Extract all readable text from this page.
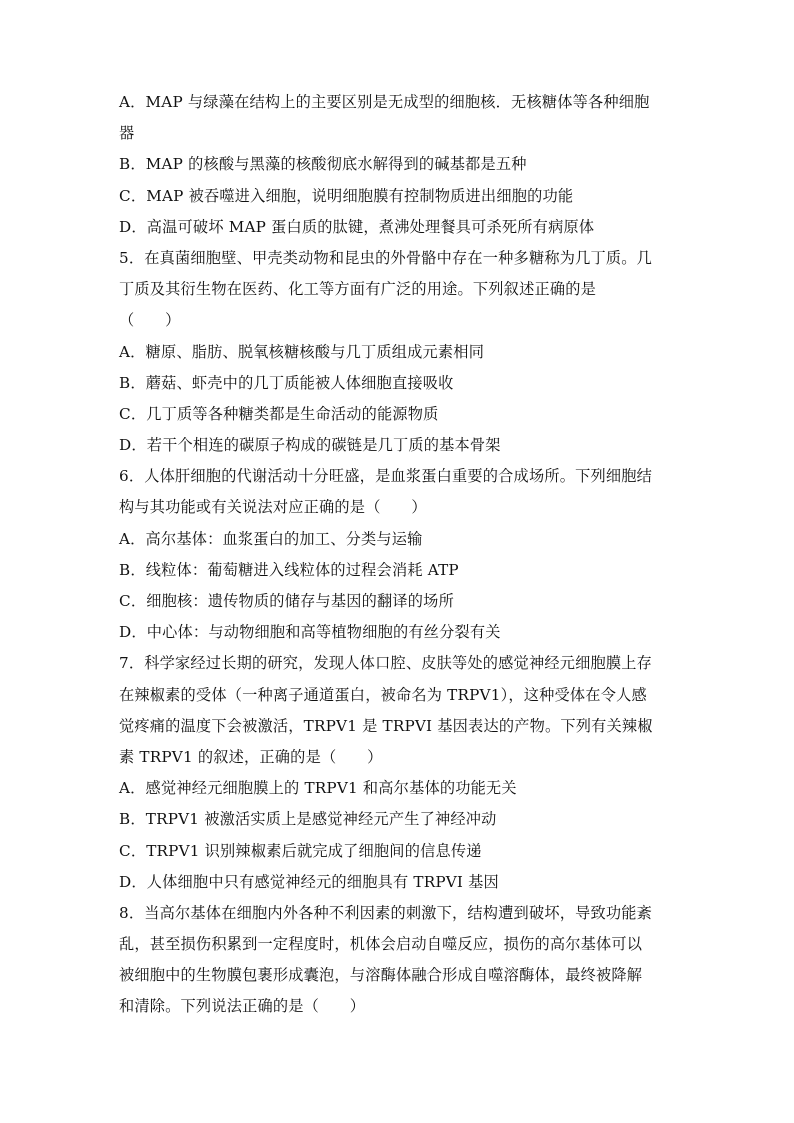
A．MAP 与绿藻在结构上的主要区别是无成型的细胞核．无核糖体等各种细胞
器
B．MAP 的核酸与黑藻的核酸彻底水解得到的碱基都是五种
C．MAP 被吞噬进入细胞，说明细胞膜有控制物质进出细胞的功能
D．高温可破坏 MAP 蛋白质的肽键，煮沸处理餐具可杀死所有病原体
5．在真菌细胞壁、甲壳类动物和昆虫的外骨骼中存在一种多糖称为几丁质。几
丁质及其衍生物在医药、化工等方面有广泛的用途。下列叙述正确的是
（　　）
A．糖原、脂肪、脱氧核糖核酸与几丁质组成元素相同
B．蘑菇、虾壳中的几丁质能被人体细胞直接吸收
C．几丁质等各种糖类都是生命活动的能源物质
D．若干个相连的碳原子构成的碳链是几丁质的基本骨架
6．人体肝细胞的代谢活动十分旺盛，是血浆蛋白重要的合成场所。下列细胞结
构与其功能或有关说法对应正确的是（　　）
A．高尔基体：血浆蛋白的加工、分类与运输
B．线粒体：葡萄糖进入线粒体的过程会消耗 ATP
C．细胞核：遗传物质的储存与基因的翻译的场所
D．中心体：与动物细胞和高等植物细胞的有丝分裂有关
7．科学家经过长期的研究，发现人体口腔、皮肤等处的感觉神经元细胞膜上存
在辣椒素的受体（一种离子通道蛋白，被命名为 TRPV1），这种受体在令人感
觉疼痛的温度下会被激活，TRPV1 是 TRPVI 基因表达的产物。下列有关辣椒
素 TRPV1 的叙述，正确的是（　　）
A．感觉神经元细胞膜上的 TRPV1 和高尔基体的功能无关
B．TRPV1 被激活实质上是感觉神经元产生了神经冲动
C．TRPV1 识别辣椒素后就完成了细胞间的信息传递
D．人体细胞中只有感觉神经元的细胞具有 TRPVI 基因
8．当高尔基体在细胞内外各种不利因素的刺激下，结构遭到破坏，导致功能紊
乱，甚至损伤积累到一定程度时，机体会启动自噬反应，损伤的高尔基体可以
被细胞中的生物膜包裹形成囊泡，与溶酶体融合形成自噬溶酶体，最终被降解
和清除。下列说法正确的是（　　）
